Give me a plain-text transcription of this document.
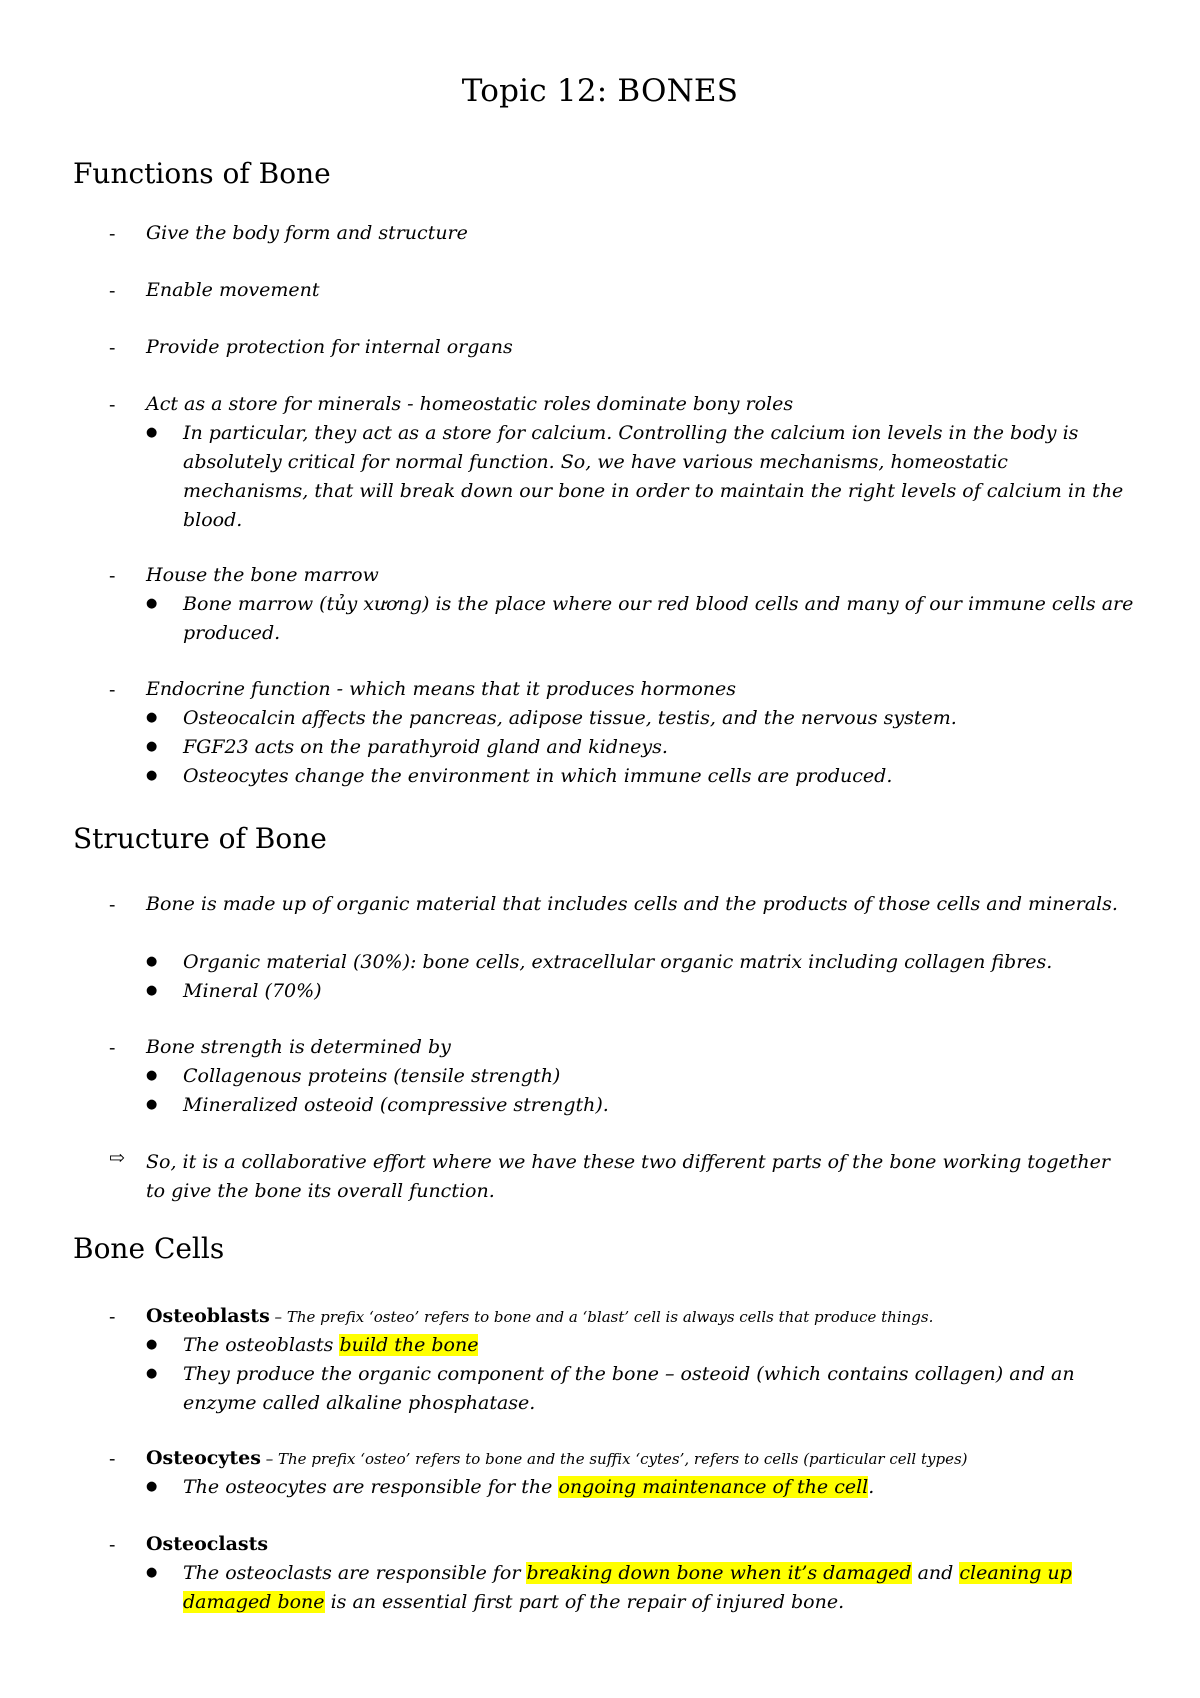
Topic 12: BONES
Functions of Bone
- Give the body form and structure

- Enable movement

- Provide protection for internal organs

- Act as a store for minerals - homeostatic roles dominate bony roles

● In particular, they act as a store for calcium. Controlling the calcium ion levels in the body is absolutely critical for normal function. So, we have various mechanisms, homeostatic mechanisms, that will break down our bone in order to maintain the right levels of calcium in the blood.

- House the bone marrow

● Bone marrow (tủy xương) is the place where our red blood cells and many of our immune cells are produced.

- Endocrine function - which means that it produces hormones

● Osteocalcin affects the pancreas, adipose tissue, testis, and the nervous system.

● FGF23 acts on the parathyroid gland and kidneys.

● Osteocytes change the environment in which immune cells are produced.

Structure of Bone
- Bone is made up of organic material that includes cells and the products of those cells and minerals.

● Organic material (30%): bone cells, extracellular organic matrix including collagen fibres.

● Mineral (70%)

- Bone strength is determined by

● Collagenous proteins (tensile strength)

● Mineralized osteoid (compressive strength).

⇨ So, it is a collaborative effort where we have these two different parts of the bone working together to give the bone its overall function.

Bone Cells
- Osteoblasts – The prefix ‘osteo’ refers to bone and a ‘blast’ cell is always cells that produce things.

● The osteoblasts build the bone

● They produce the organic component of the bone – osteoid (which contains collagen) and an enzyme called alkaline phosphatase.

- Osteocytes – The prefix ‘osteo’ refers to bone and the suffix ‘cytes’, refers to cells (particular cell types)

● The osteocytes are responsible for the ongoing maintenance of the cell.

- Osteoclasts

● The osteoclasts are responsible for breaking down bone when it’s damaged and cleaning up damaged bone is an essential first part of the repair of injured bone.
